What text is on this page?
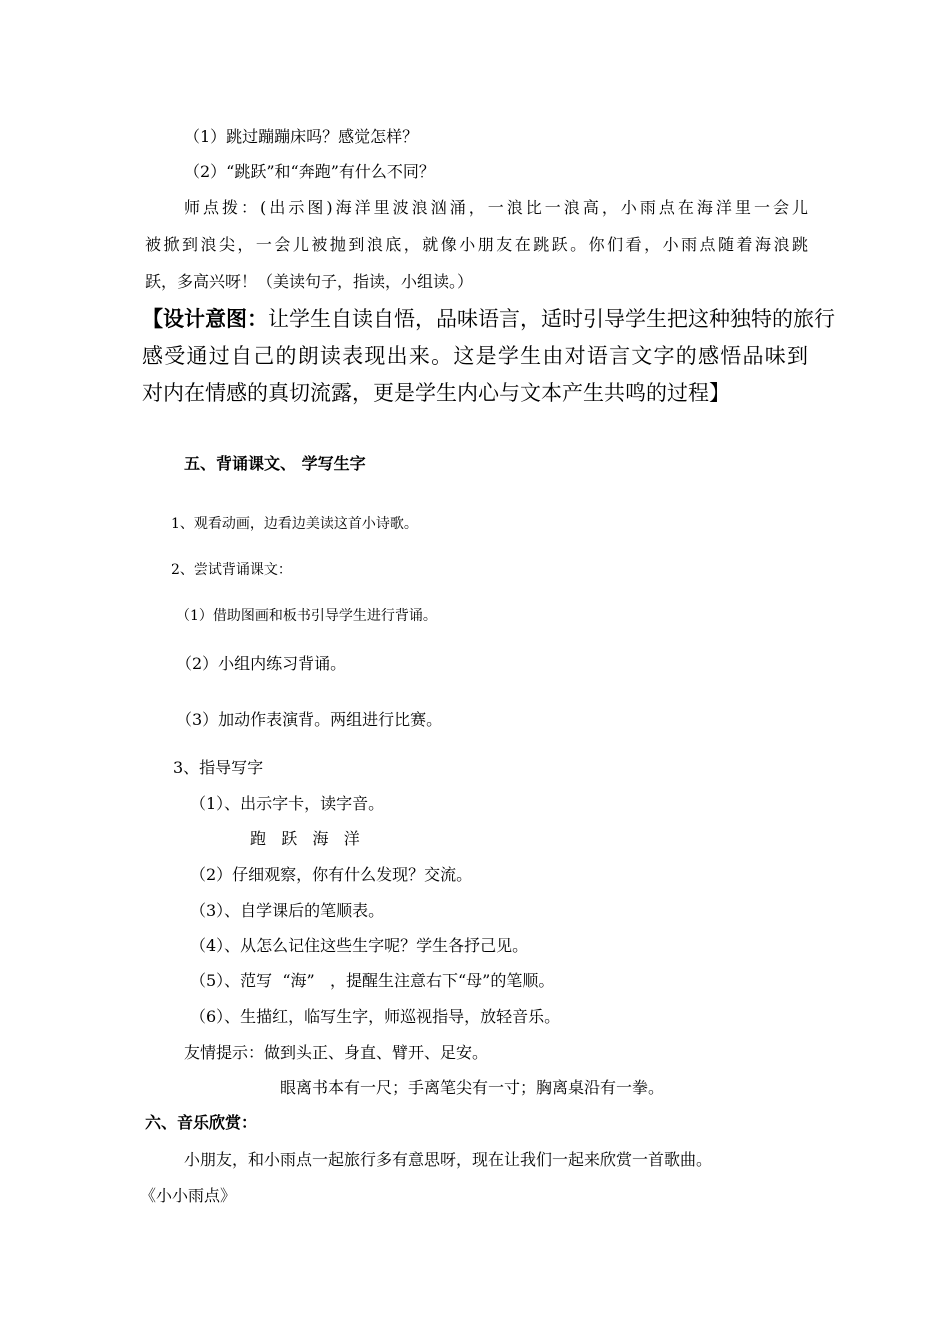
（1）跳过蹦蹦床吗？感觉怎样？
（2）“跳跃”和“奔跑”有什么不同？
师点拨：(出示图)海洋里波浪汹涌，一浪比一浪高，小雨点在海洋里一会儿
被掀到浪尖，一会儿被抛到浪底，就像小朋友在跳跃。你们看，小雨点随着海浪跳
跃，多高兴呀！（美读句子，指读，小组读。）
【设计意图：让学生自读自悟，品味语言，适时引导学生把这种独特的旅行
感受通过自己的朗读表现出来。这是学生由对语言文字的感悟品味到
对内在情感的真切流露，更是学生内心与文本产生共鸣的过程】
五、背诵课文、 学写生字
1、观看动画，边看边美读这首小诗歌。
2、尝试背诵课文：
（1）借助图画和板书引导学生进行背诵。
（2）小组内练习背诵。
（3）加动作表演背。两组进行比赛。
3、指导写字
（1）、出示字卡，读字音。
跑   跃   海   洋
（2）仔细观察，你有什么发现？交流。
（3）、自学课后的笔顺表。
（4）、从怎么记住这些生字呢？学生各抒己见。
（5）、范写  “海”   ，提醒生注意右下“母”的笔顺。
（6）、生描红，临写生字，师巡视指导，放轻音乐。
友情提示：做到头正、身直、臂开、足安。
眼离书本有一尺；手离笔尖有一寸；胸离桌沿有一拳。
六、音乐欣赏：
小朋友，和小雨点一起旅行多有意思呀，现在让我们一起来欣赏一首歌曲。
《小小雨点》
